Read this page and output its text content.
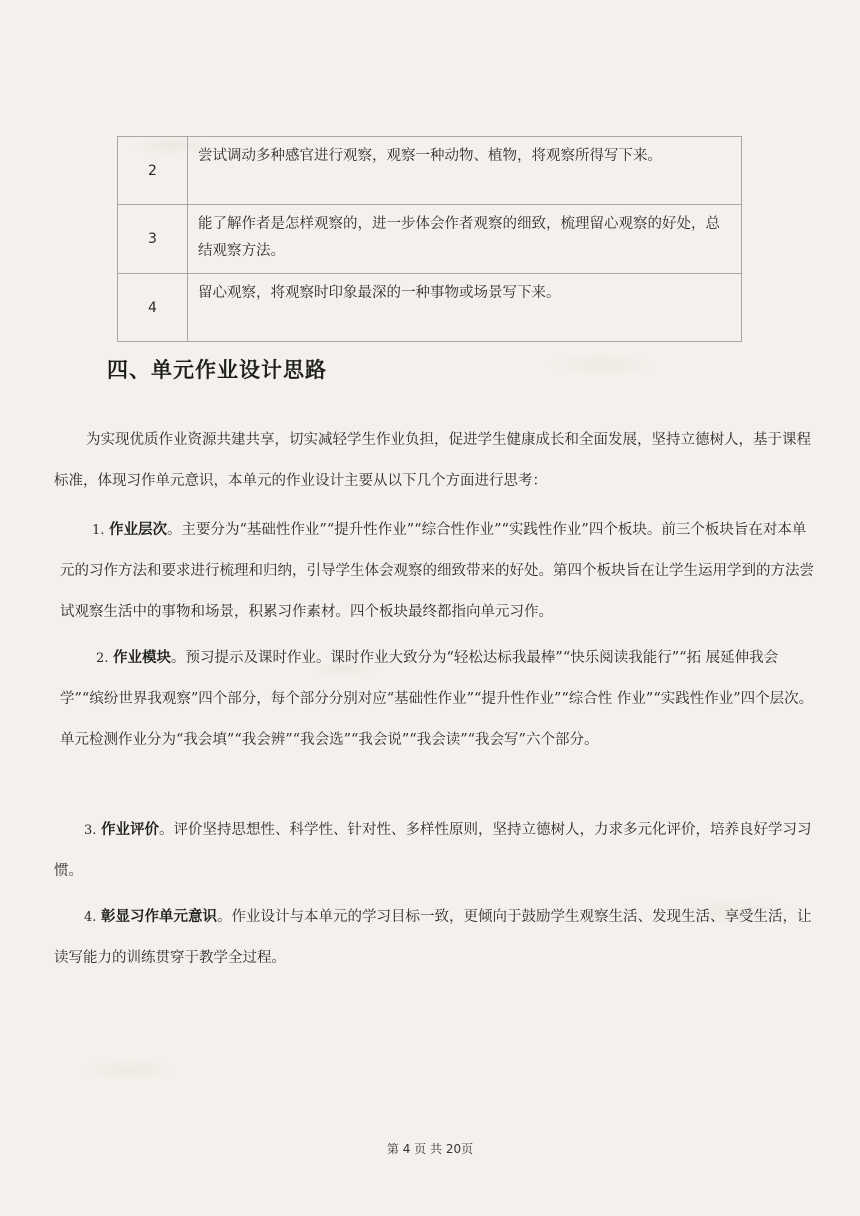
2	尝试调动多种感官进行观察，观察一种动物、植物，将观察所得写下来。
3	能了解作者是怎样观察的，进一步体会作者观察的细致，梳理留心观察的好处，总结观察方法。
4	留心观察，将观察时印象最深的一种事物或场景写下来。
四、单元作业设计思路

为实现优质作业资源共建共享，切实减轻学生作业负担，促进学生健康成长和全面发展，坚持立德树人，基于课程标准，体现习作单元意识，本单元的作业设计主要从以下几个方面进行思考：

1. 作业层次。主要分为“基础性作业”“提升性作业”“综合性作业”“实践性作业”四个板块。前三个板块旨在对本单元的习作方法和要求进行梳理和归纳，引导学生体会观察的细致带来的好处。第四个板块旨在让学生运用学到的方法尝试观察生活中的事物和场景，积累习作素材。四个板块最终都指向单元习作。

2. 作业模块。预习提示及课时作业。课时作业大致分为“轻松达标我最棒”“快乐阅读我能行”“拓 展延伸我会学”“缤纷世界我观察”四个部分，每个部分分别对应“基础性作业”“提升性作业”“综合性 作业”“实践性作业”四个层次。单元检测作业分为“我会填”“我会辨”“我会选”“我会说”“我会读”“我会写”六个部分。

3. 作业评价。评价坚持思想性、科学性、针对性、多样性原则，坚持立德树人，力求多元化评价，培养良好学习习惯。

4. 彰显习作单元意识。作业设计与本单元的学习目标一致，更倾向于鼓励学生观察生活、发现生活、享受生活，让读写能力的训练贯穿于教学全过程。

第 4 页 共 20页
